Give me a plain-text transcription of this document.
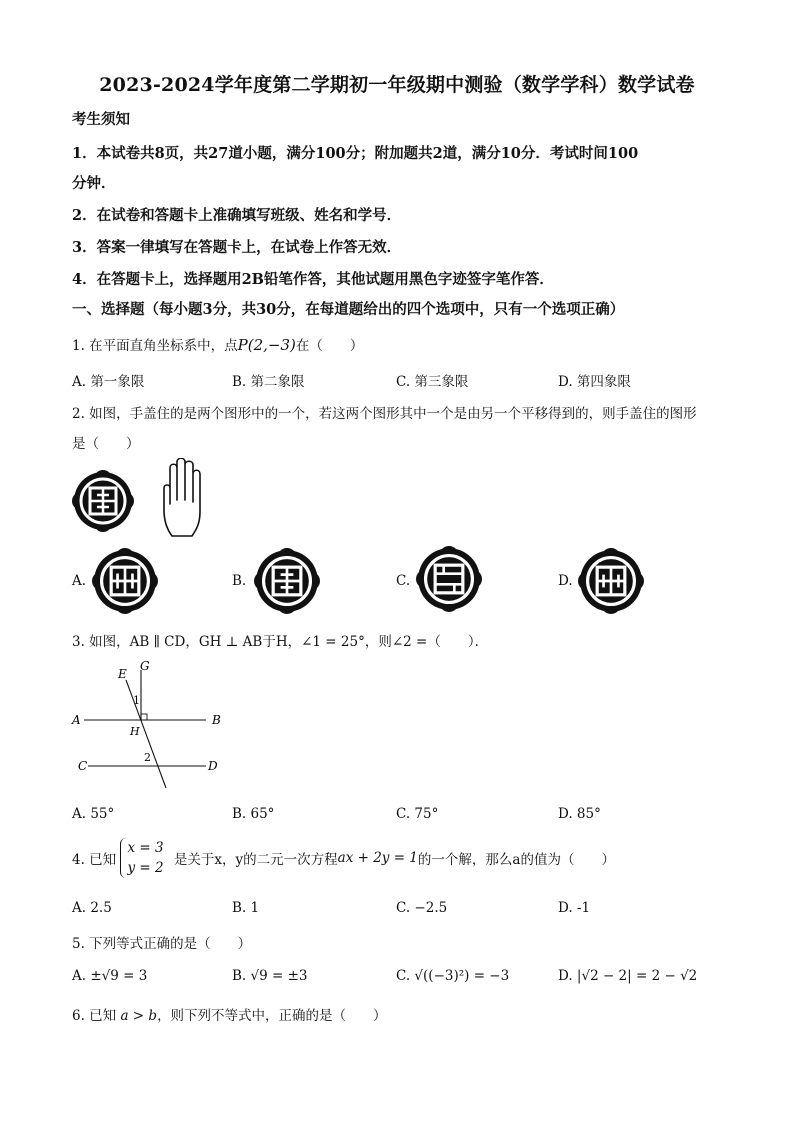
2023-2024学年度第二学期初一年级期中测验（数学学科）数学试卷
考生须知
1．本试卷共8页，共27道小题，满分100分；附加题共2道，满分10分．考试时间100
分钟．
2．在试卷和答题卡上准确填写班级、姓名和学号．
3．答案一律填写在答题卡上，在试卷上作答无效．
4．在答题卡上，选择题用2B铅笔作答，其他试题用黑色字迹签字笔作答．
一、选择题（每小题3分，共30分，在每道题给出的四个选项中，只有一个选项正确）
1. 在平面直角坐标系中，点P(2,−3)在（　　）
A. 第一象限	B. 第二象限	C. 第三象限	D. 第四象限
2. 如图，手盖住的是两个图形中的一个，若这两个图形其中一个是由另一个平移得到的，则手盖住的图形
是（　　）
A.	B.	C.	D.
3. 如图，AB ∥ CD，GH ⊥ AB于H，∠1 = 25°，则∠2 =（　　）．
E
G
A	B
H
C	D
1
2
A. 55°	B. 65°	C. 75°	D. 85°
4. 已知 x = 3
y = 2 是关于x，y的二元一次方程ax + 2y = 1的一个解，那么a的值为（　　）
A. 2.5	B. 1	C. −2.5	D. -1
5. 下列等式正确的是（　　）
A. ±√9 = 3	B. √9 = ±3	C. √((−3)²) = −3	D. |√2 − 2| = 2 − √2
6. 已知 a > b，则下列不等式中，正确的是（　　）
